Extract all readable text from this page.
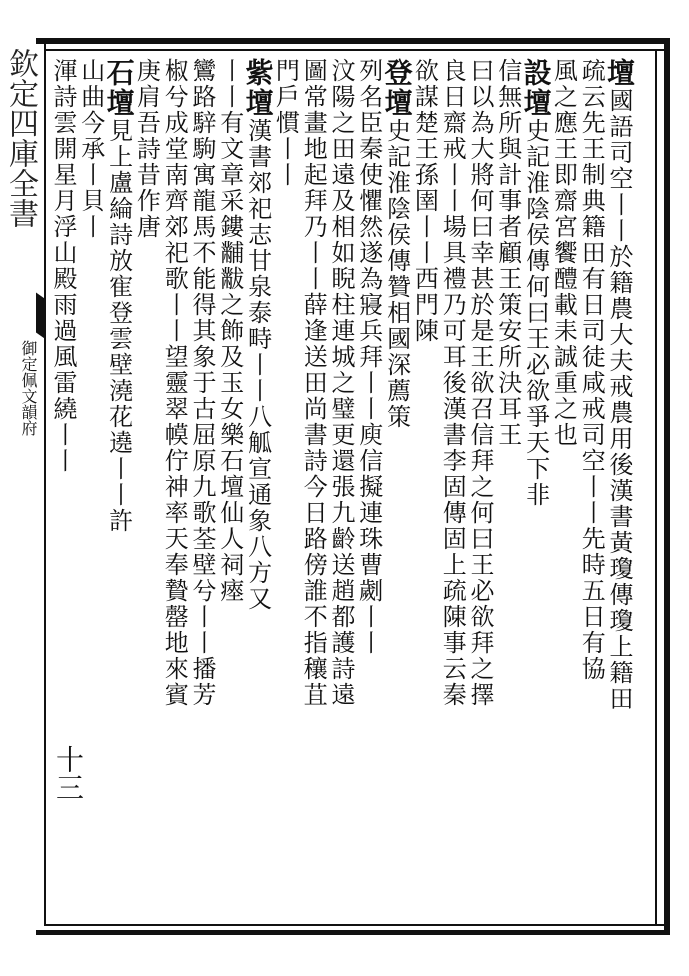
欽定四庫全書
御定佩文韻府
十三
壇國語司空丨丨於籍農大夫戒農用後漢書黃瓊傳瓊上籍田
疏云先王制典籍田有日司徒咸戒司空丨丨先時五日有協
風之應王即齋宮饗醴載耒誠重之也
設壇史記淮陰侯傳何曰王必欲爭天下非
信無所與計事者顧王策安所決耳王
曰以為大將何曰幸甚於是王欲召信拜之何曰王必欲拜之擇
良日齋戒丨丨場具禮乃可耳後漢書李固傳固上疏陳事云秦
欲謀楚王孫圉丨丨西門陳
登壇史記淮陰侯傳贊相國深薦策
列名臣秦使懼然遂為寢兵拜丨丨庾信擬連珠曹劌丨丨
汶陽之田遠及相如睨柱連城之璧更還張九齡送趙都護詩遠
圖常畫地起拜乃丨丨薛逢送田尚書詩今日路傍誰不指穰苴
門戶慣丨丨
紫壇漢書郊祀志甘泉泰畤丨丨八觚宣通象八方又
丨丨有文章采鏤黼黻之飾及玉女樂石壇仙人祠瘞
鸞路騂駒寓龍馬不能得其象于古屈原九歌荃壁兮丨丨播芳
椒兮成堂南齊郊祀歌丨丨望靈翠幙佇神率天奉贄罄地來賓
庚肩吾詩昔作唐
石壇見上盧綸詩放寉登雲壁澆花遶丨丨許
山曲今承丨貝丨
渾詩雲開星月浮山殿雨過風雷繞丨丨
